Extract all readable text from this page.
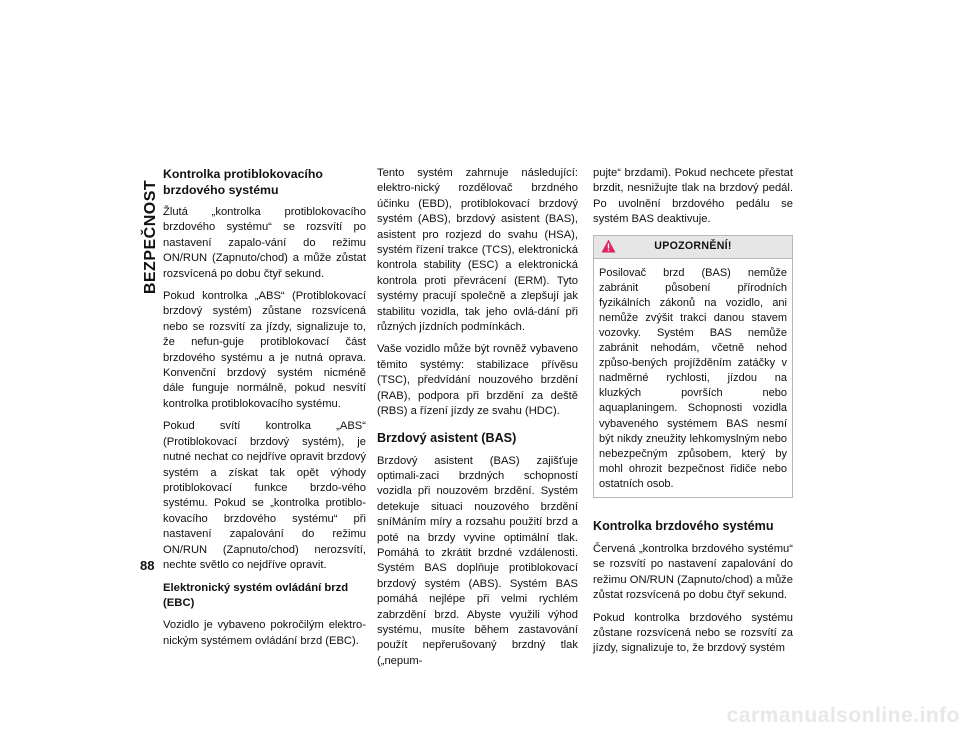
BEZPEČNOST
88
Kontrolka protiblokovacího brzdového systému

Žlutá „kontrolka protiblokovacího brzdového systému“ se rozsvítí po nastavení zapalo-vání do režimu ON/RUN (Zapnuto/chod) a může zůstat rozsvícená po dobu čtyř sekund.

Pokud kontrolka „ABS“ (Protiblokovací brzdový systém) zůstane rozsvícená nebo se rozsvítí za jízdy, signalizuje to, že nefun-guje protiblokovací část brzdového systému a je nutná oprava. Konvenční brzdový systém nicméně dále funguje normálně, pokud nesvítí kontrolka protiblokovacího systému.

Pokud svítí kontrolka „ABS“ (Protiblokovací brzdový systém), je nutné nechat co nejdříve opravit brzdový systém a získat tak opět výhody protiblokovací funkce brzdo-vého systému. Pokud se „kontrolka protiblo-kovacího brzdového systému“ při nastavení zapalování do režimu ON/RUN (Zapnuto/chod) nerozsvítí, nechte světlo co nejdříve opravit.

Elektronický systém ovládání brzd (EBC)

Vozidlo je vybaveno pokročilým elektro-nickým systémem ovládání brzd (EBC).

Tento systém zahrnuje následující: elektro-nický rozdělovač brzdného účinku (EBD), protiblokovací brzdový systém (ABS), brzdový asistent (BAS), asistent pro rozjezd do svahu (HSA), systém řízení trakce (TCS), elektronická kontrola stability (ESC) a elektronická kontrola proti převrácení (ERM). Tyto systémy pracují společně a zlepšují jak stabilitu vozidla, tak jeho ovlá-dání při různých jízdních podmínkách.

Vaše vozidlo může být rovněž vybaveno těmito systémy: stabilizace přívěsu (TSC), předvídání nouzového brzdění (RAB), podpora při brzdění za deště (RBS) a řízení jízdy ze svahu (HDC).

Brzdový asistent (BAS)

Brzdový asistent (BAS) zajišťuje optimali-zaci brzdných schopností vozidla při nouzovém brzdění. Systém detekuje situaci nouzového brzdění sníMáním míry a rozsahu použití brzd a poté na brzdy vyvine optimální tlak. Pomáhá to zkrátit brzdné vzdálenosti. Systém BAS doplňuje protiblokovací brzdový systém (ABS). Systém BAS pomáhá nejlépe při velmi rychlém zabrzdění brzd. Abyste využili výhod systému, musíte během zastavování použít nepřerušovaný brzdný tlak („nepum-

pujte“ brzdami). Pokud nechcete přestat brzdit, nesnižujte tlak na brzdový pedál. Po uvolnění brzdového pedálu se systém BAS deaktivuje.

UPOZORNĚNÍ!

Posilovač brzd (BAS) nemůže zabránit působení přírodních fyzikálních zákonů na vozidlo, ani nemůže zvýšit trakci danou stavem vozovky. Systém BAS nemůže zabránit nehodám, včetně nehod způso-bených projížděním zatáčky v nadměrné rychlosti, jízdou na kluzkých površích nebo aquaplaningem. Schopnosti vozidla vybaveného systémem BAS nesmí být nikdy zneužity lehkomyslným nebo nebezpečným způsobem, který by mohl ohrozit bezpečnost řidiče nebo ostatních osob.

Kontrolka brzdového systému

Červená „kontrolka brzdového systému“ se rozsvítí po nastavení zapalování do režimu ON/RUN (Zapnuto/chod) a může zůstat rozsvícená po dobu čtyř sekund.

Pokud kontrolka brzdového systému zůstane rozsvícená nebo se rozsvítí za jízdy, signalizuje to, že brzdový systém

carmanualsonline.info
